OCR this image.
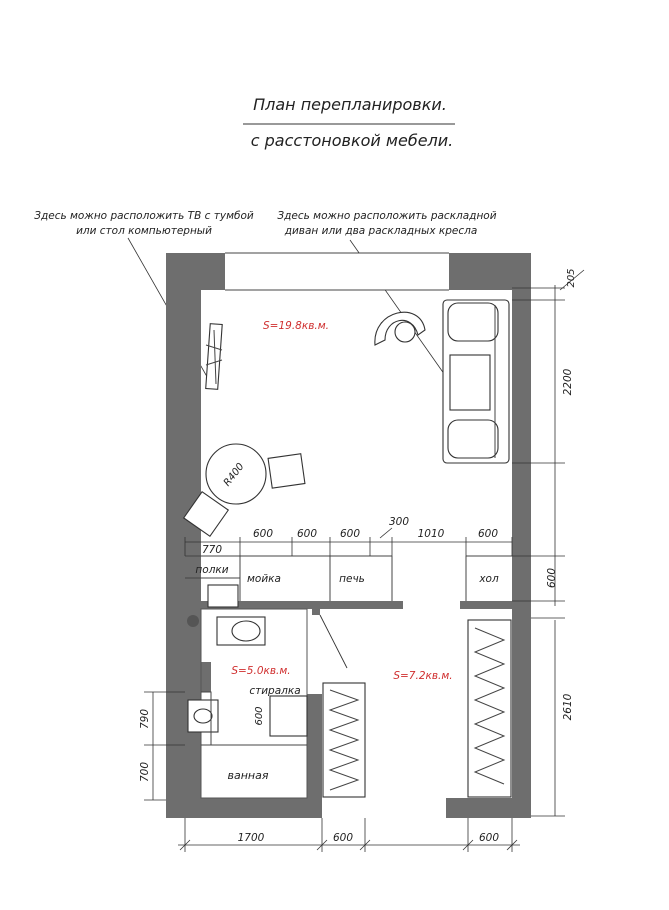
План перепланировки.
с расстоновкой мебели.
Здесь можно расположить ТВ с тумбой
или стол компьютерный
Здесь можно расположить раскладной
диван или два раскладных кресла
полки
мойка	печь	хол
770
600 600 600
300
1010	600
R400
S=19.8кв.м.
S=5.0кв.м.
стиралка
600
ванная
S=7.2кв.м.
205
2200
600
2610
790
700
1700	600	600
